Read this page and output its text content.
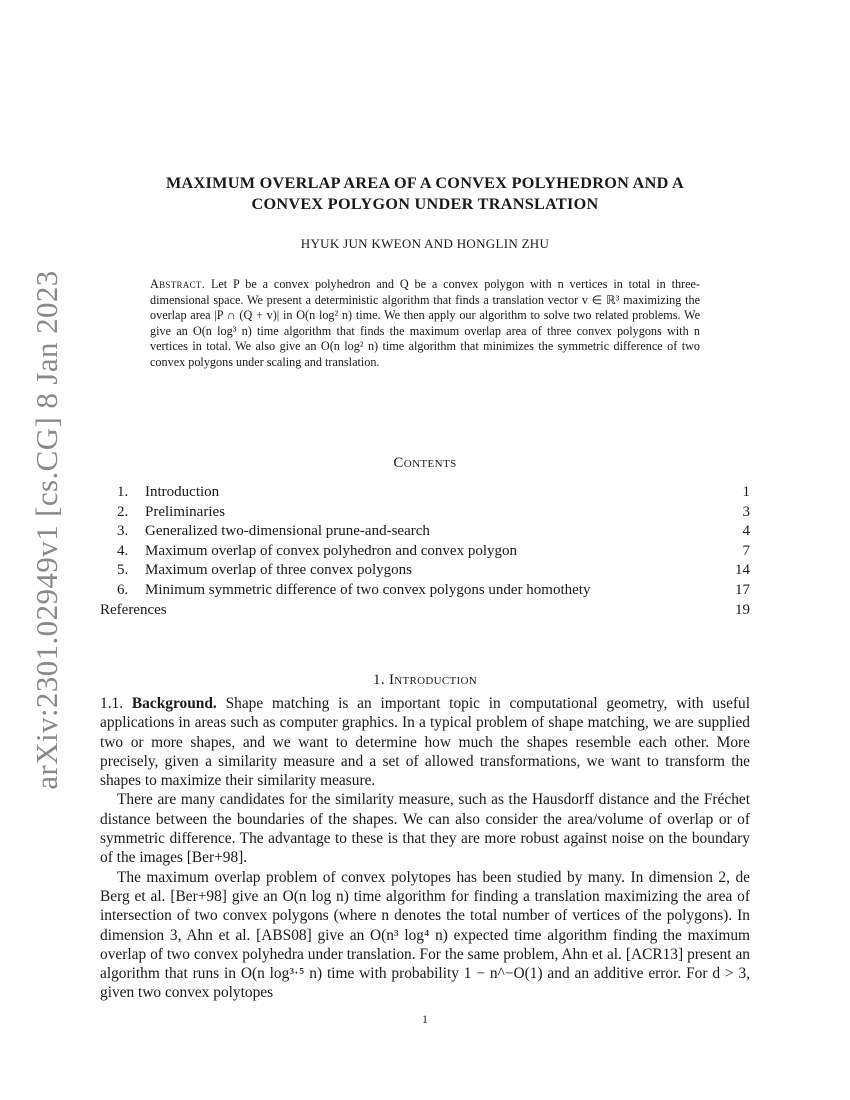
arXiv:2301.02949v1 [cs.CG] 8 Jan 2023
MAXIMUM OVERLAP AREA OF A CONVEX POLYHEDRON AND A
CONVEX POLYGON UNDER TRANSLATION
HYUK JUN KWEON AND HONGLIN ZHU

Abstract. Let P be a convex polyhedron and Q be a convex polygon with n vertices in total in three-dimensional space. We present a deterministic algorithm that finds a translation vector v ∈ ℝ³ maximizing the overlap area |P ∩ (Q + v)| in O(n log² n) time. We then apply our algorithm to solve two related problems. We give an O(n log³ n) time algorithm that finds the maximum overlap area of three convex polygons with n vertices in total. We also give an O(n log² n) time algorithm that minimizes the symmetric difference of two convex polygons under scaling and translation.

Contents
1. Introduction	1
2. Preliminaries	3
3. Generalized two-dimensional prune-and-search	4
4. Maximum overlap of convex polyhedron and convex polygon	7
5. Maximum overlap of three convex polygons	14
6. Minimum symmetric difference of two convex polygons under homothety	17
References	19
1. Introduction

1.1. Background. Shape matching is an important topic in computational geometry, with useful applications in areas such as computer graphics. In a typical problem of shape matching, we are supplied two or more shapes, and we want to determine how much the shapes resemble each other. More precisely, given a similarity measure and a set of allowed transformations, we want to transform the shapes to maximize their similarity measure.

There are many candidates for the similarity measure, such as the Hausdorff distance and the Fréchet distance between the boundaries of the shapes. We can also consider the area/volume of overlap or of symmetric difference. The advantage to these is that they are more robust against noise on the boundary of the images [Ber+98].

The maximum overlap problem of convex polytopes has been studied by many. In dimension 2, de Berg et al. [Ber+98] give an O(n log n) time algorithm for finding a translation maximizing the area of intersection of two convex polygons (where n denotes the total number of vertices of the polygons). In dimension 3, Ahn et al. [ABS08] give an O(n³ log⁴ n) expected time algorithm finding the maximum overlap of two convex polyhedra under translation. For the same problem, Ahn et al. [ACR13] present an algorithm that runs in O(n log³·⁵ n) time with probability 1 − n^−O(1) and an additive error. For d > 3, given two convex polytopes

1
